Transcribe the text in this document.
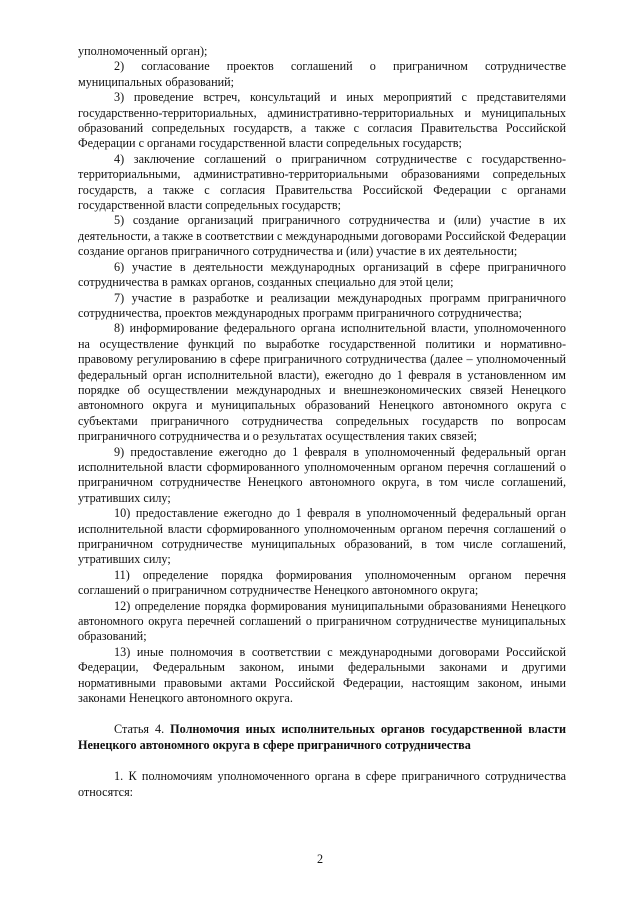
уполномоченный орган);

2) согласование проектов соглашений о приграничном сотрудничестве муниципальных образований;

3) проведение встреч, консультаций и иных мероприятий с представителями государственно-территориальных, административно-территориальных и муниципальных образований сопредельных государств, а также с согласия Правительства Российской Федерации с органами государственной власти сопредельных государств;

4) заключение соглашений о приграничном сотрудничестве с государственно-территориальными, административно-территориальными образованиями сопредельных государств, а также с согласия Правительства Российской Федерации с органами государственной власти сопредельных государств;

5) создание организаций приграничного сотрудничества и (или) участие в их деятельности, а также в соответствии с международными договорами Российской Федерации создание органов приграничного сотрудничества и (или) участие в их деятельности;

6) участие в деятельности международных организаций в сфере приграничного сотрудничества в рамках органов, созданных специально для этой цели;

7) участие в разработке и реализации международных программ приграничного сотрудничества, проектов международных программ приграничного сотрудничества;

8) информирование федерального органа исполнительной власти, уполномоченного на осуществление функций по выработке государственной политики и нормативно-правовому регулированию в сфере приграничного сотрудничества (далее – уполномоченный федеральный орган исполнительной власти), ежегодно до 1 февраля в установленном им порядке об осуществлении международных и внешнеэкономических связей Ненецкого автономного округа и муниципальных образований Ненецкого автономного округа с субъектами приграничного сотрудничества сопредельных государств по вопросам приграничного сотрудничества и о результатах осуществления таких связей;

9) предоставление ежегодно до 1 февраля в уполномоченный федеральный орган исполнительной власти сформированного уполномоченным органом перечня соглашений о приграничном сотрудничестве Ненецкого автономного округа, в том числе соглашений, утративших силу;

10) предоставление ежегодно до 1 февраля в уполномоченный федеральный орган исполнительной власти сформированного уполномоченным органом перечня соглашений о приграничном сотрудничестве муниципальных образований, в том числе соглашений, утративших силу;

11) определение порядка формирования уполномоченным органом перечня соглашений о приграничном сотрудничестве Ненецкого автономного округа;

12) определение порядка формирования муниципальными образованиями Ненецкого автономного округа перечней соглашений о приграничном сотрудничестве муниципальных образований;

13) иные полномочия в соответствии с международными договорами Российской Федерации, Федеральным законом, иными федеральными законами и другими нормативными правовыми актами Российской Федерации, настоящим законом, иными законами Ненецкого автономного округа.

Статья 4. Полномочия иных исполнительных органов государственной власти Ненецкого автономного округа в сфере приграничного сотрудничества

1. К полномочиям уполномоченного органа в сфере приграничного сотрудничества относятся:

2
